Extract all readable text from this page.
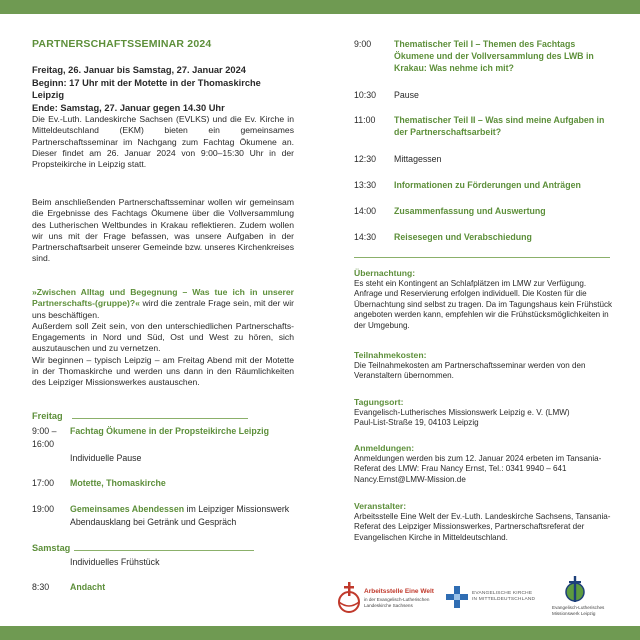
PARTNERSCHAFTSSEMINAR 2024
Freitag, 26. Januar bis Samstag, 27. Januar 2024
Beginn: 17 Uhr mit der Motette in der Thomaskirche Leipzig
Ende: Samstag, 27. Januar gegen 14.30 Uhr
Die Ev.-Luth. Landeskirche Sachsen (EVLKS) und die Ev. Kirche in Mitteldeutschland (EKM) bieten ein gemeinsames Partnerschaftsseminar im Nachgang zum Fachtag Ökumene an. Dieser findet am 26. Januar 2024 von 9:00–15:30 Uhr in der Propsteikirche in Leipzig statt.
Beim anschließenden Partnerschaftsseminar wollen wir gemeinsam die Ergebnisse des Fachtags Ökumene über die Vollversammlung des Lutherischen Weltbundes in Krakau reflektieren. Zudem wollen wir uns mit der Frage befassen, was unsere Aufgaben in der Partnerschaftsarbeit unserer Gemeinde bzw. unseres Kirchenkreises sind.
»Zwischen Alltag und Begegnung – Was tue ich in unserer Partnerschafts-(gruppe)?« wird die zentrale Frage sein, mit der wir uns beschäftigen.
Außerdem soll Zeit sein, von den unterschiedlichen Partnerschafts-Engagements in Nord und Süd, Ost und West zu hören, sich auszutauschen und zu vernetzen.
Wir beginnen – typisch Leipzig – am Freitag Abend mit der Motette in der Thomaskirche und werden uns dann in den Räumlichkeiten des Leipziger Missionswerkes austauschen.
Freitag
9:00 –	Fachtag Ökumene in der Propsteikirche Leipzig
16:00
Individuelle Pause
17:00	Motette, Thomaskirche
19:00	Gemeinsames Abendessen im Leipziger Missionswerk
Abendausklang bei Getränk und Gespräch
Samstag
Individuelles Frühstück
8:30	Andacht
9:00	Thematischer Teil I – Themen des Fachtags Ökumene und der Vollversammlung des LWB in Krakau: Was nehme ich mit?
10:30	Pause
11:00	Thematischer Teil II – Was sind meine Aufgaben in der Partnerschaftsarbeit?
12:30	Mittagessen
13:30	Informationen zu Förderungen und Anträgen
14:00	Zusammenfassung und Auswertung
14:30	Reisesegen und Verabschiedung
Übernachtung:
Es steht ein Kontingent an Schlafplätzen im LMW zur Verfügung. Anfrage und Reservierung erfolgen individuell. Die Kosten für die Übernachtung sind selbst zu tragen. Da im Tagungshaus kein Frühstück angeboten werden kann, empfehlen wir die Frühstücksmöglichkeiten in der Umgebung.
Teilnahmekosten:
Die Teilnahmekosten am Partnerschaftsseminar werden von den Veranstaltern übernommen.
Tagungsort:
Evangelisch-Lutherisches Missionswerk Leipzig e. V. (LMW)
Paul-List-Straße 19, 04103 Leipzig
Anmeldungen:
Anmeldungen werden bis zum 12. Januar 2024 erbeten im Tansania-Referat des LMW: Frau Nancy Ernst, Tel.: 0341 9940 – 641
Nancy.Ernst@LMW-Mission.de
Veranstalter:
Arbeitsstelle Eine Welt der Ev.-Luth. Landeskirche Sachsens, Tansania-Referat des Leipziger Missionswerkes, Partnerschaftsreferat der Evangelischen Kirche in Mitteldeutschland.
Arbeitsstelle Eine Welt
in der Evangelisch-Lutherischen
Landeskirche Sachsens
EVANGELISCHE KIRCHE
IN MITTELDEUTSCHLAND
Evangelisch-Lutherisches
Missionswerk Leipzig
